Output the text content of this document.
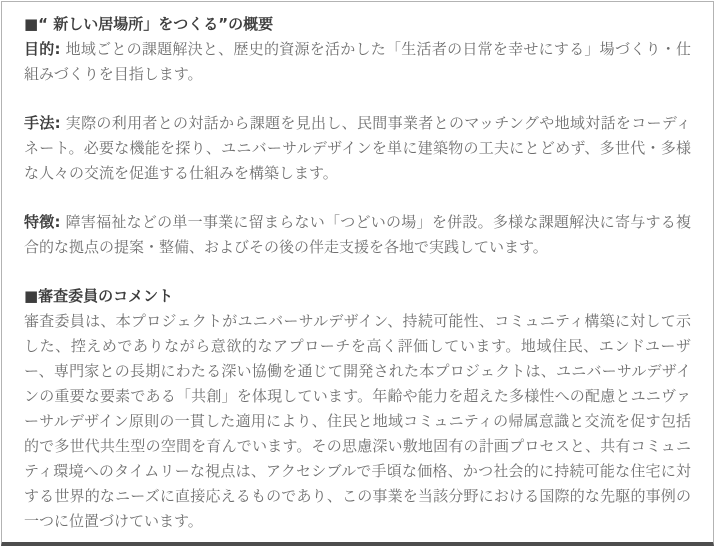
■“ 新しい居場所」をつくる”の概要

目的: 地域ごとの課題解決と、歴史的資源を活かした「生活者の日常を幸せにする」場づくり・仕組みづくりを目指します。

手法: 実際の利用者との対話から課題を見出し、民間事業者とのマッチングや地域対話をコーディネート。必要な機能を探り、ユニバーサルデザインを単に建築物の工夫にとどめず、多世代・多様な人々の交流を促進する仕組みを構築します。

特徴: 障害福祉などの単一事業に留まらない「つどいの場」を併設。多様な課題解決に寄与する複合的な拠点の提案・整備、およびその後の伴走支援を各地で実践しています。

■審査委員のコメント

審査委員は、本プロジェクトがユニバーサルデザイン、持続可能性、コミュニティ構築に対して示した、控えめでありながら意欲的なアプローチを高く評価しています。地域住民、エンドユーザー、専門家との長期にわたる深い協働を通じて開発された本プロジェクトは、ユニバーサルデザインの重要な要素である「共創」を体現しています。年齢や能力を超えた多様性への配慮とユニヴァーサルデザイン原則の一貫した適用により、住民と地域コミュニティの帰属意識と交流を促す包括的で多世代共生型の空間を育んでいます。その思慮深い敷地固有の計画プロセスと、共有コミュニティ環境へのタイムリーな視点は、アクセシブルで手頃な価格、かつ社会的に持続可能な住宅に対する世界的なニーズに直接応えるものであり、この事業を当該分野における国際的な先駆的事例の一つに位置づけています。
